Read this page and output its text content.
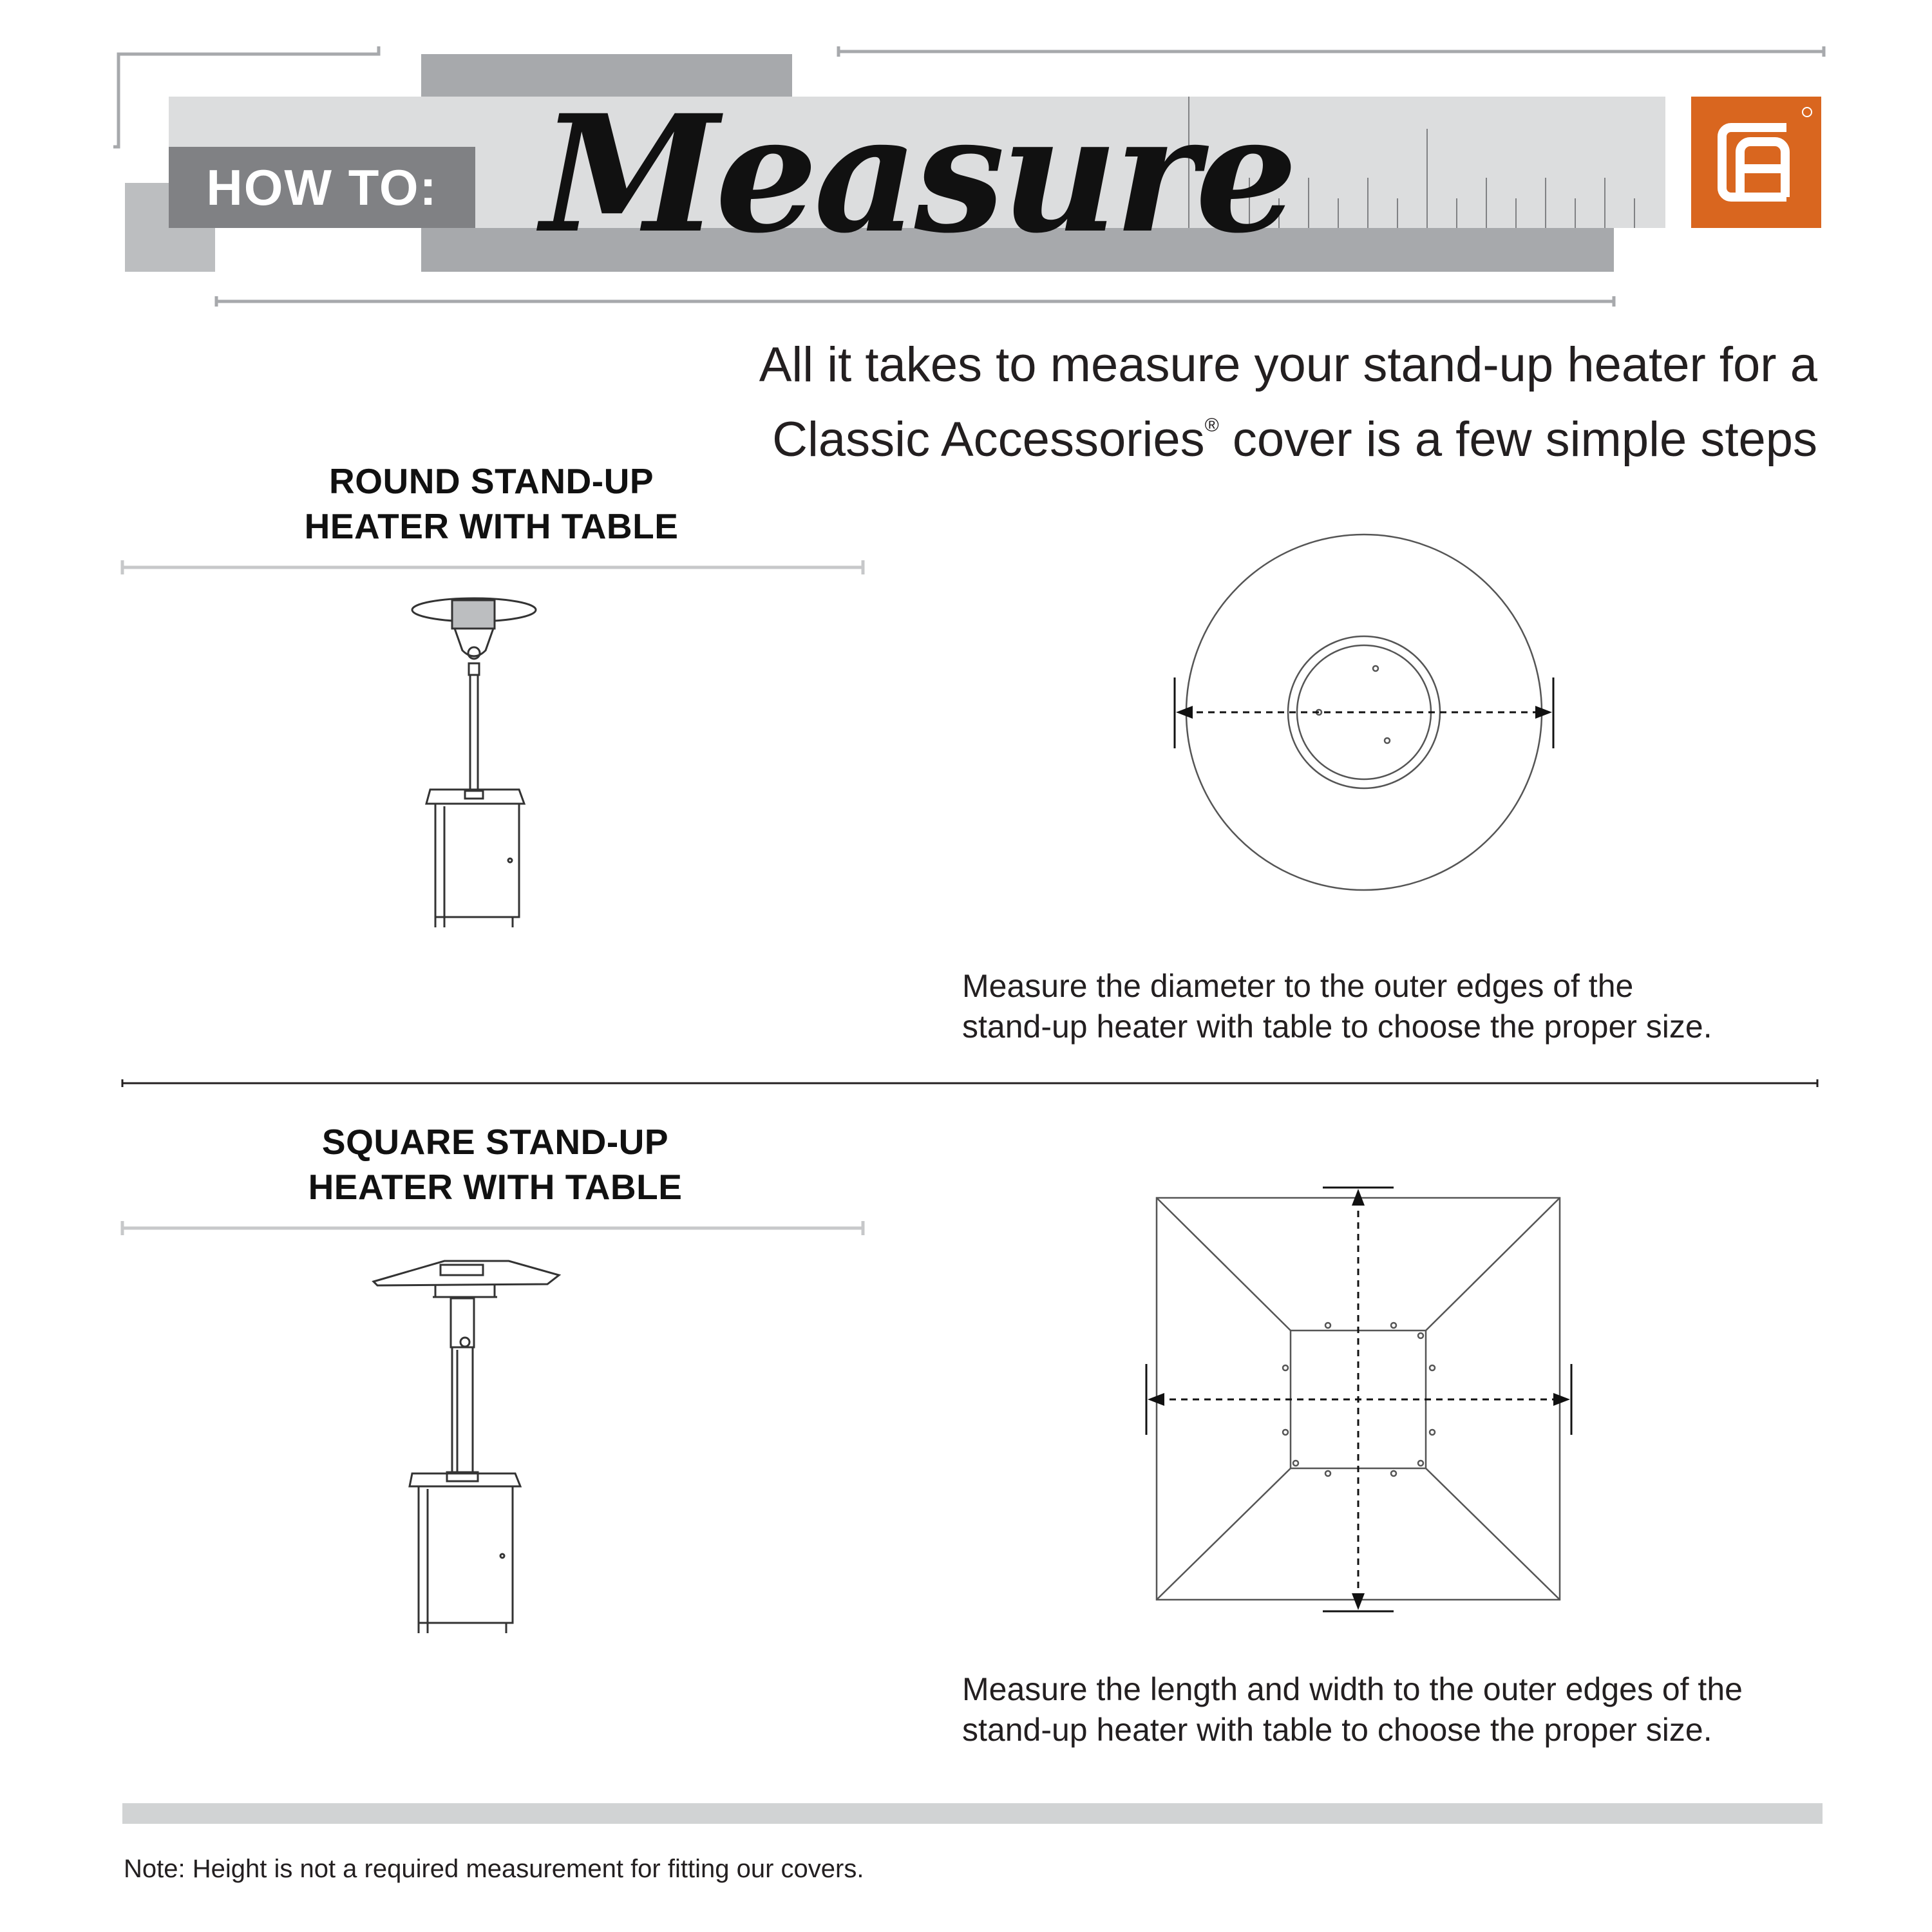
HOW TO: Measure
All it takes to measure your stand-up heater for a
Classic Accessories® cover is a few simple steps
ROUND STAND-UP
HEATER WITH TABLE
Measure the diameter to the outer edges of the
stand-up heater with table to choose the proper size.
SQUARE STAND-UP
HEATER WITH TABLE
Measure the length and width to the outer edges of the
stand-up heater with table to choose the proper size.
Note: Height is not a required measurement for fitting our covers.
